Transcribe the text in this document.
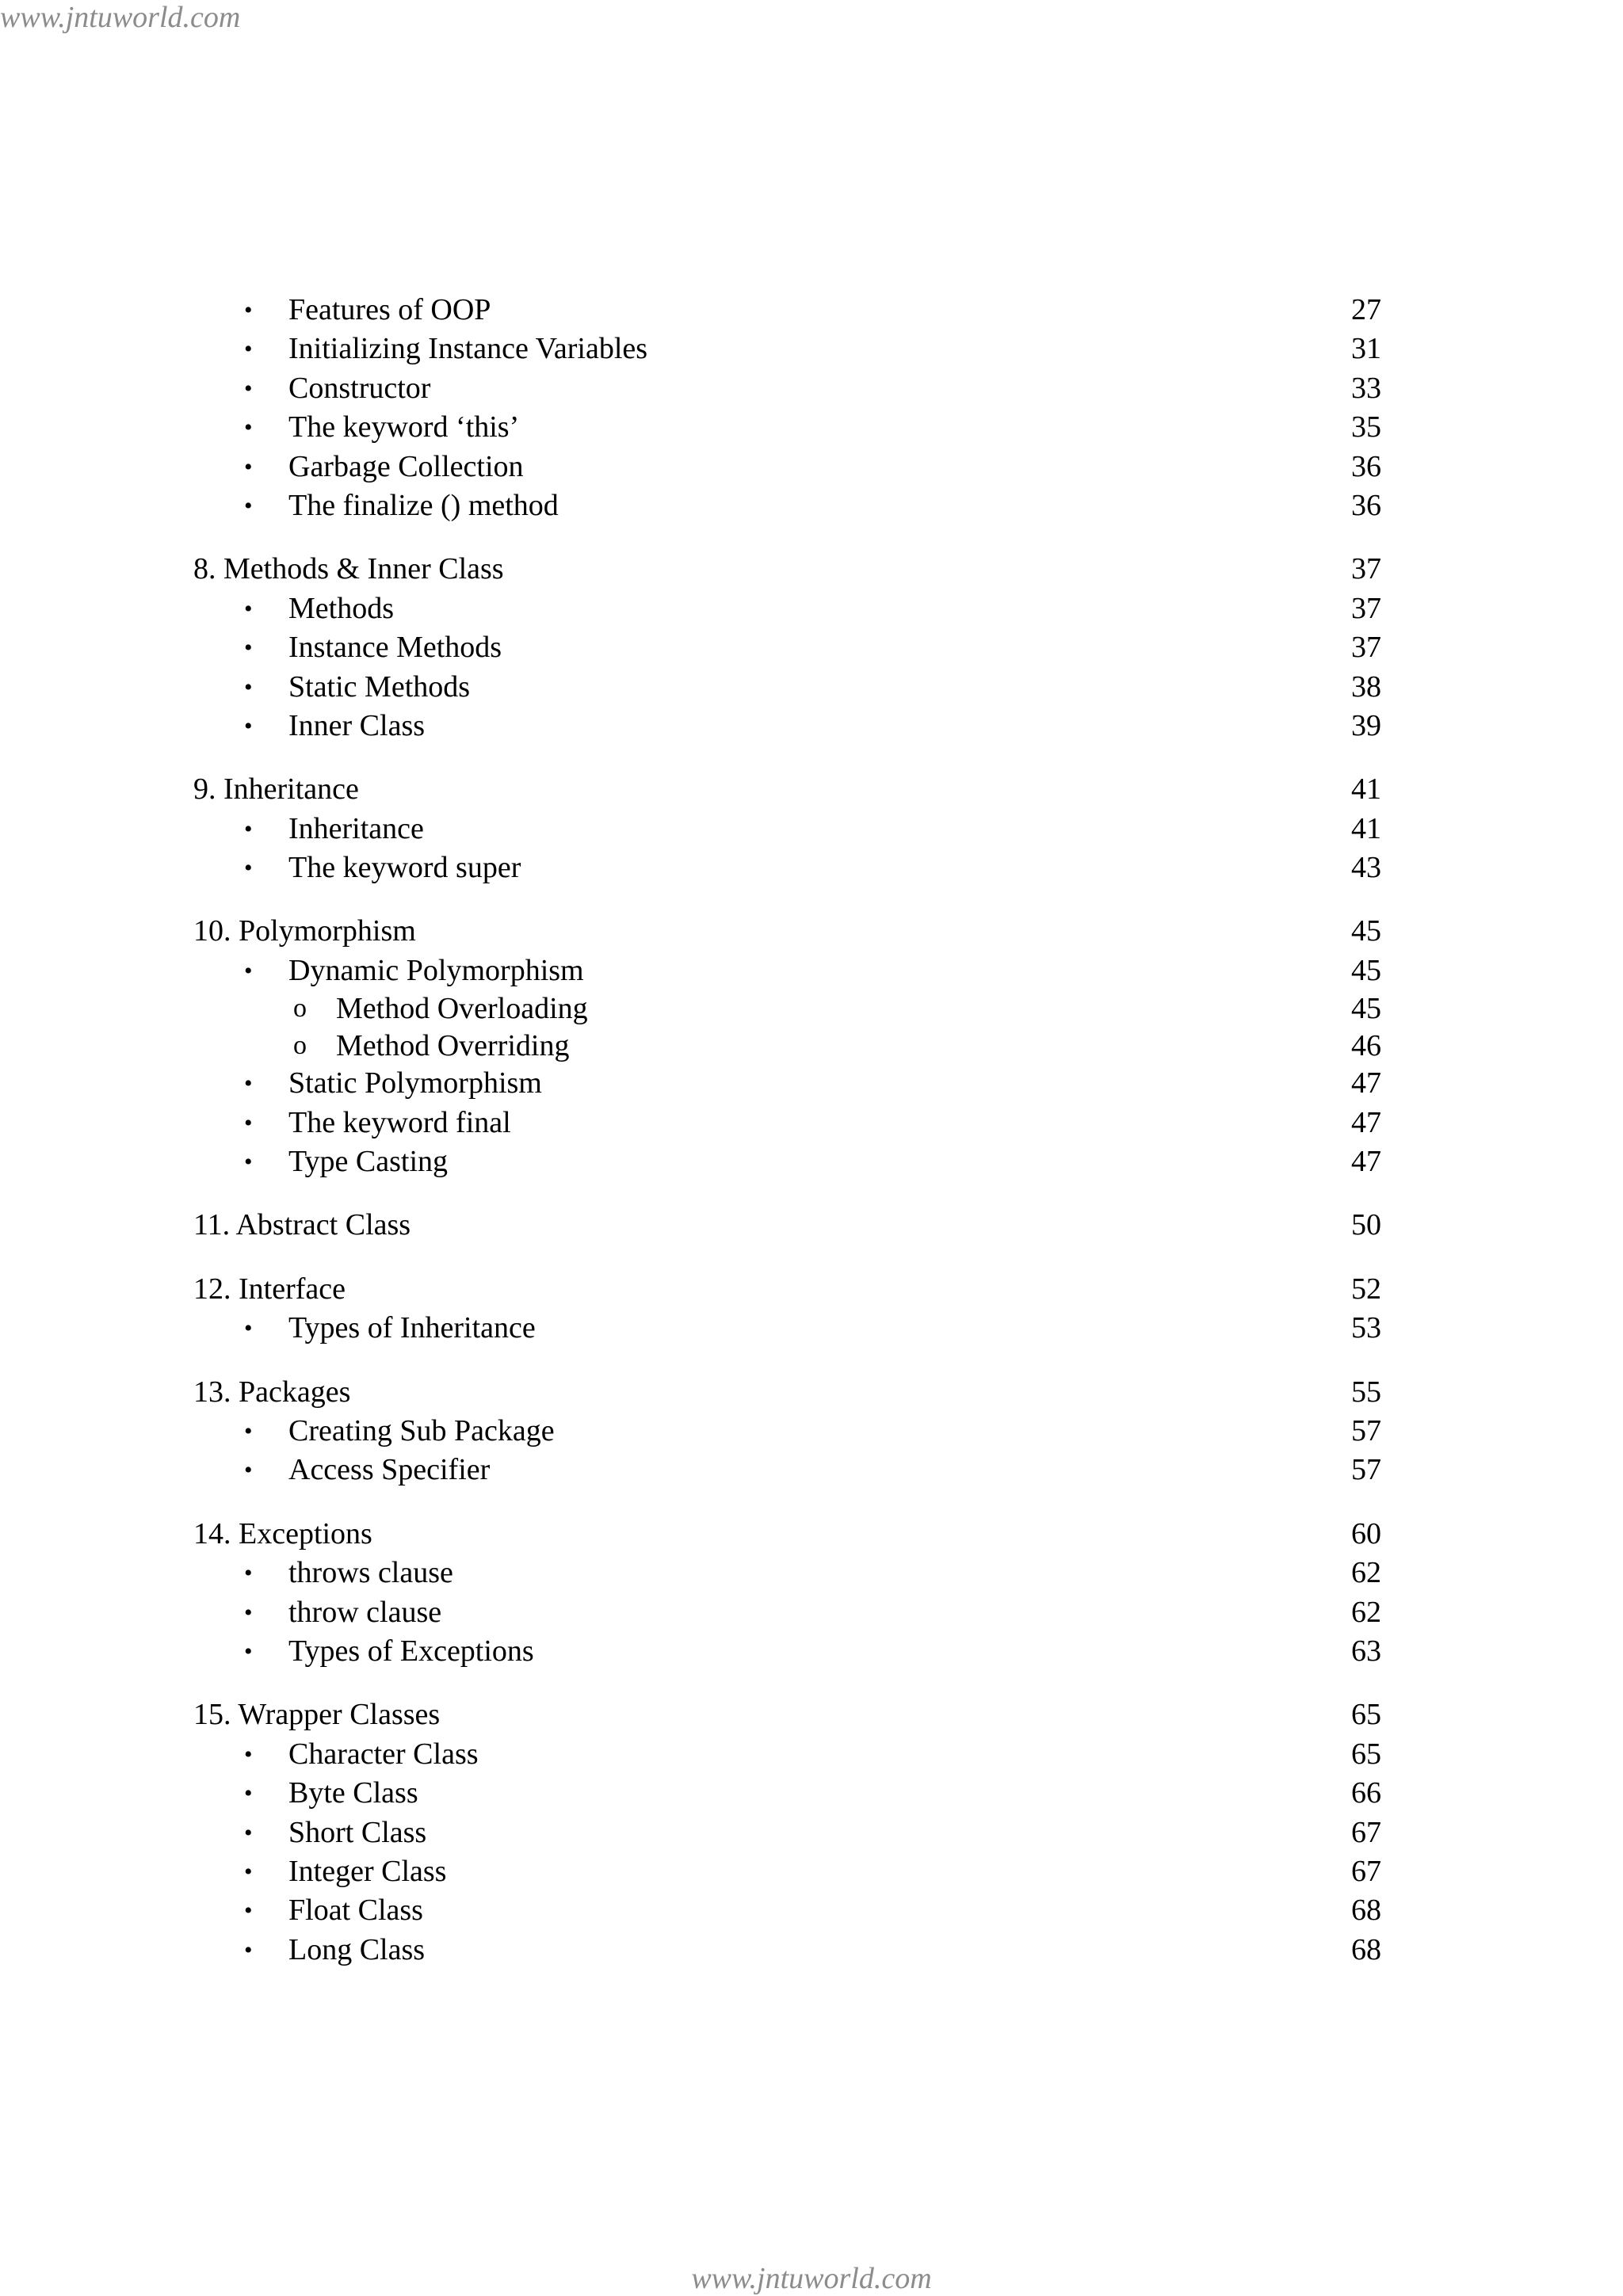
www.jntuworld.com
• Features of OOP	27
• Initializing Instance Variables	31
• Constructor	33
• The keyword ‘this’	35
• Garbage Collection	36
• The finalize () method	36
8. Methods & Inner Class	37
• Methods	37
• Instance Methods	37
• Static Methods	38
• Inner Class	39
9. Inheritance	41
• Inheritance	41
• The keyword super	43
10. Polymorphism	45
• Dynamic Polymorphism	45
o Method Overloading	45
o Method Overriding	46
• Static Polymorphism	47
• The keyword final	47
• Type Casting	47
11. Abstract Class	50
12. Interface	52
• Types of Inheritance	53
13. Packages	55
• Creating Sub Package	57
• Access Specifier	57
14. Exceptions	60
• throws clause	62
• throw clause	62
• Types of Exceptions	63
15. Wrapper Classes	65
• Character Class	65
• Byte Class	66
• Short Class	67
• Integer Class	67
• Float Class	68
• Long Class	68
www.jntuworld.com
